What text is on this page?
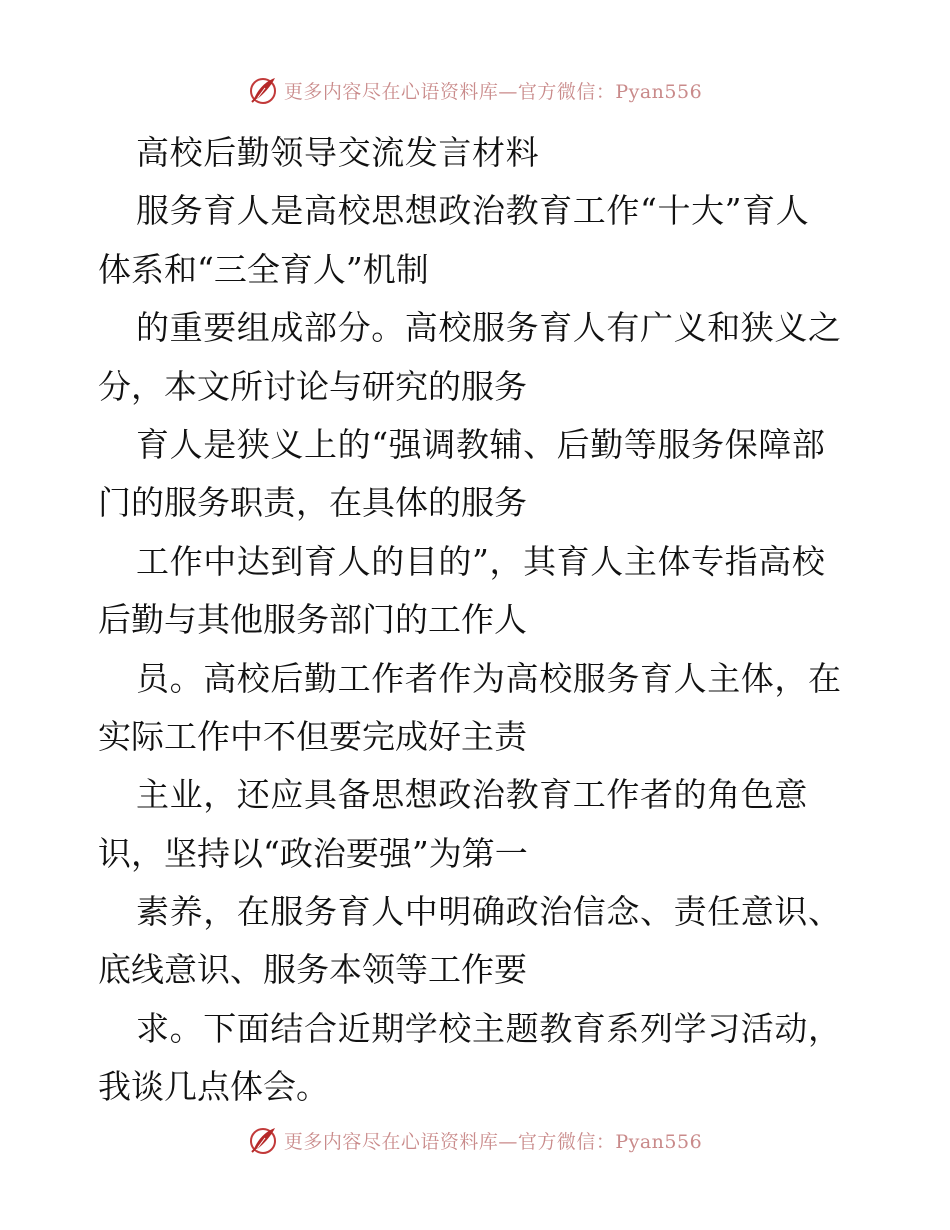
更多内容尽在心语资料库—官方微信：Pyan556
高校后勤领导交流发言材料
服务育人是高校思想政治教育工作“十大”育人
体系和“三全育人”机制
的重要组成部分。高校服务育人有广义和狭义之
分，本文所讨论与研究的服务
育人是狭义上的“强调教辅、后勤等服务保障部
门的服务职责，在具体的服务
工作中达到育人的目的”，其育人主体专指高校
后勤与其他服务部门的工作人
员。高校后勤工作者作为高校服务育人主体，在
实际工作中不但要完成好主责
主业，还应具备思想政治教育工作者的角色意
识，坚持以“政治要强”为第一
素养，在服务育人中明确政治信念、责任意识、
底线意识、服务本领等工作要
求。下面结合近期学校主题教育系列学习活动，
我谈几点体会。
更多内容尽在心语资料库—官方微信：Pyan556
